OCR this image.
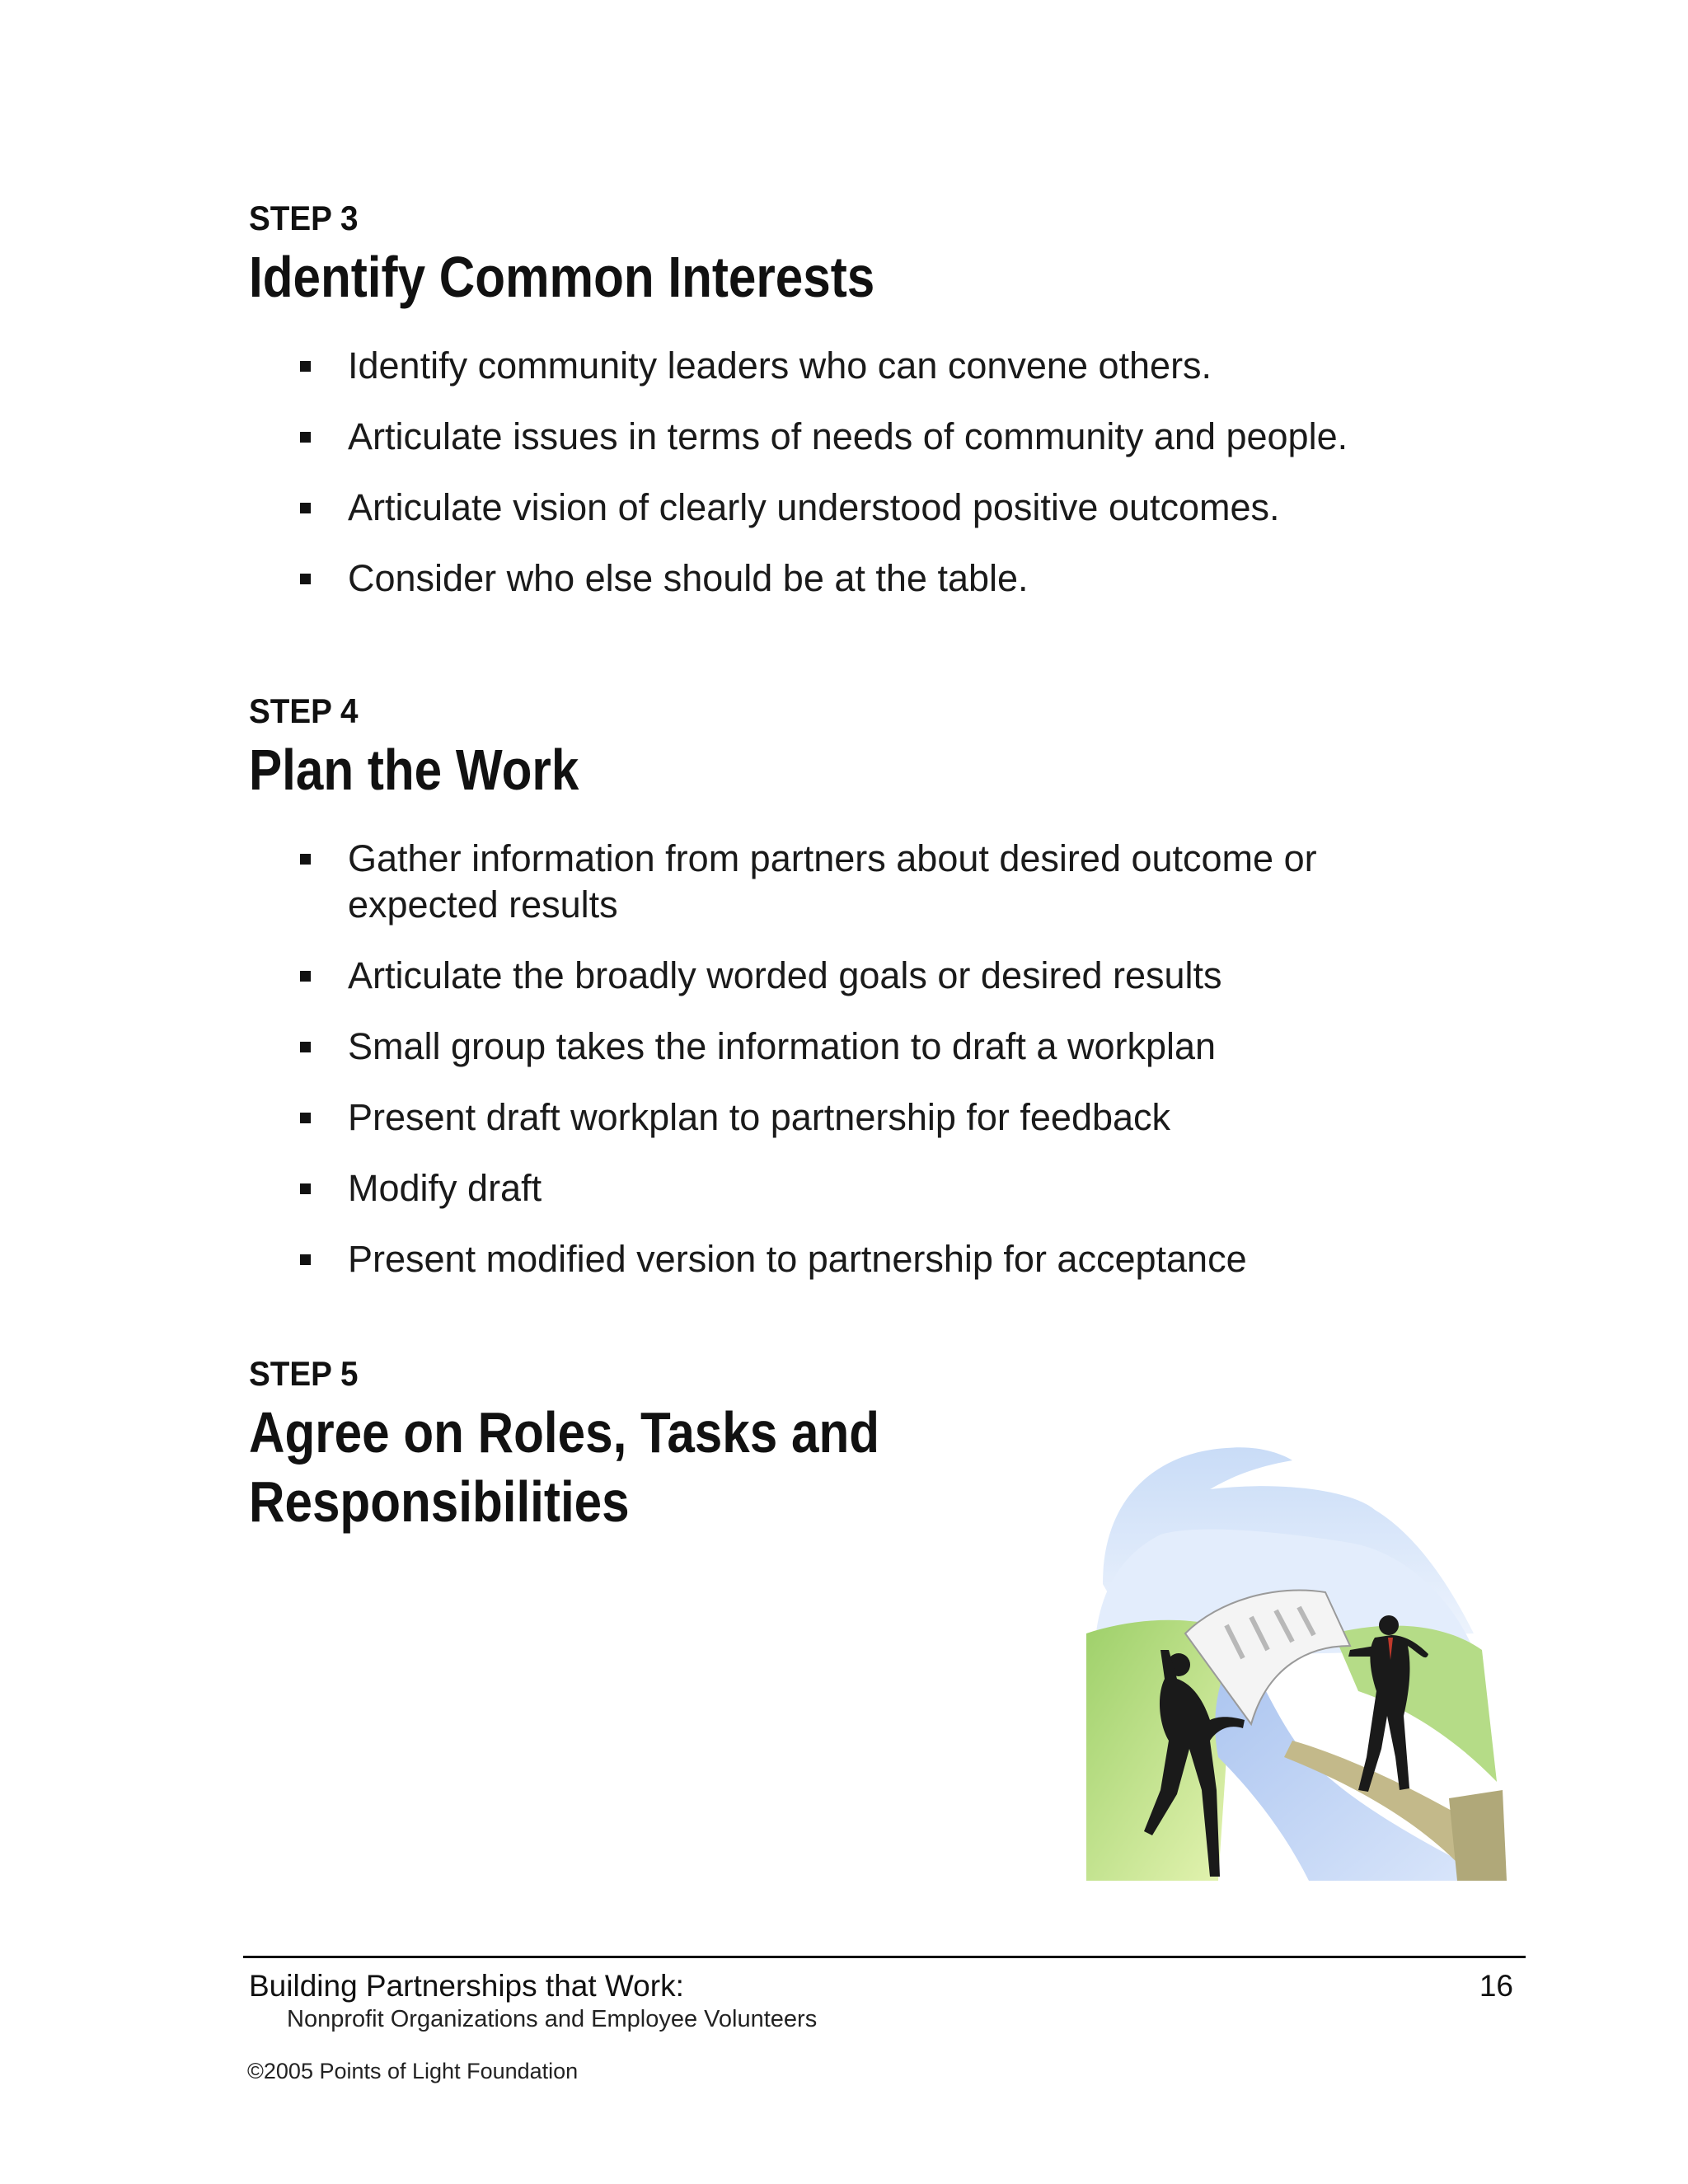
STEP 3
Identify Common Interests
Identify community leaders who can convene others.
Articulate issues in terms of needs of community and people.
Articulate vision of clearly understood positive outcomes.
Consider who else should be at the table.
STEP 4
Plan the Work
Gather information from partners about desired outcome or expected results
Articulate the broadly worded goals or desired results
Small group takes the information to draft a workplan
Present draft workplan to partnership for feedback
Modify draft
Present modified version to partnership for acceptance
STEP 5
Agree on Roles, Tasks and Responsibilities
Building Partnerships that Work:
Nonprofit Organizations and Employee Volunteers
©2005 Points of Light Foundation
16
